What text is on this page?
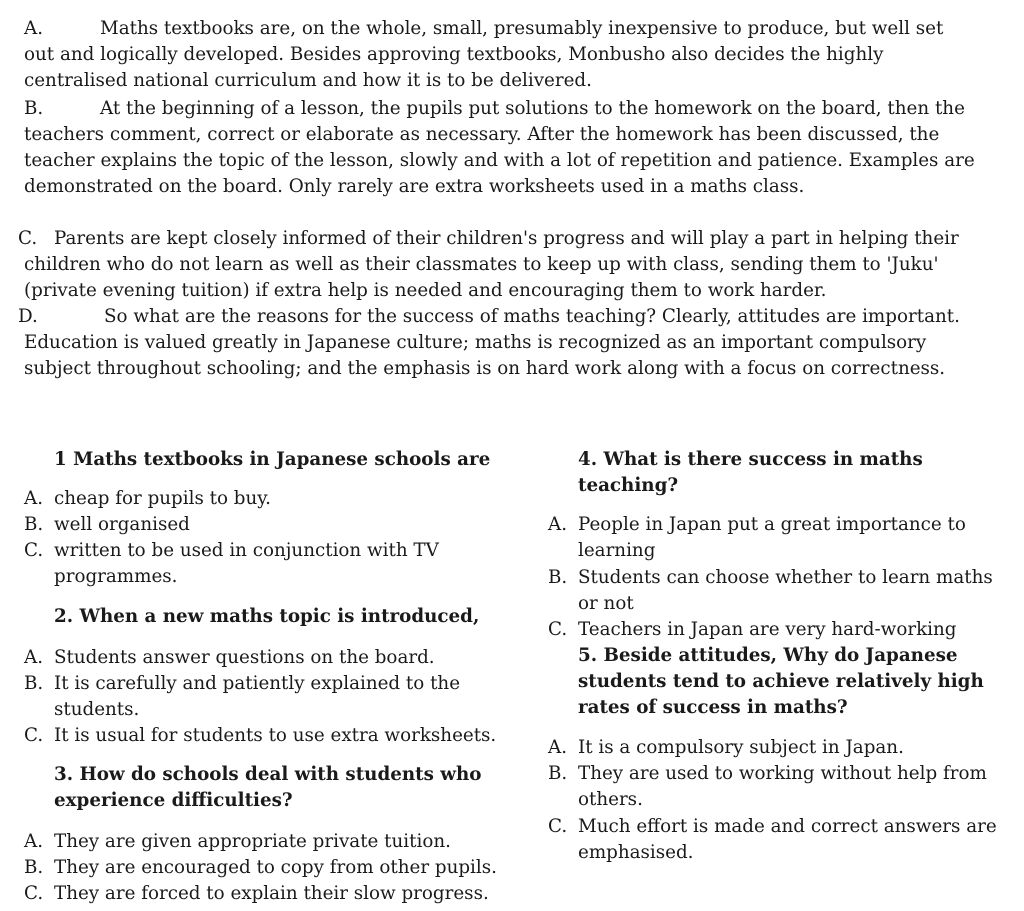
A.	Maths textbooks are, on the whole, small, presumably inexpensive to produce, but well set
out and logically developed. Besides approving textbooks, Monbusho also decides the highly
centralised national curriculum and how it is to be delivered.
B.	At the beginning of a lesson, the pupils put solutions to the homework on the board, then the
teachers comment, correct or elaborate as necessary. After the homework has been discussed, the
teacher explains the topic of the lesson, slowly and with a lot of repetition and patience. Examples are
demonstrated on the board. Only rarely are extra worksheets used in a maths class.
C. Parents are kept closely informed of their children's progress and will play a part in helping their
children who do not learn as well as their classmates to keep up with class, sending them to 'Juku'
(private evening tuition) if extra help is needed and encouraging them to work harder.
D.	So what are the reasons for the success of maths teaching? Clearly, attitudes are important.
Education is valued greatly in Japanese culture; maths is recognized as an important compulsory
subject throughout schooling; and the emphasis is on hard work along with a focus on correctness.
1 Maths textbooks in Japanese schools are
A. cheap for pupils to buy.
B. well organised
C. written to be used in conjunction with TV
programmes.
2. When a new maths topic is introduced,
A. Students answer questions on the board.
B. It is carefully and patiently explained to the
students.
C. It is usual for students to use extra worksheets.
3. How do schools deal with students who
experience difficulties?
A. They are given appropriate private tuition.
B. They are encouraged to copy from other pupils.
C. They are forced to explain their slow progress.
4. What is there success in maths
teaching?
A. People in Japan put a great importance to
learning
B. Students can choose whether to learn maths
or not
C. Teachers in Japan are very hard-working
5. Beside attitudes, Why do Japanese
students tend to achieve relatively high
rates of success in maths?
A. It is a compulsory subject in Japan.
B. They are used to working without help from
others.
C. Much effort is made and correct answers are
emphasised.
